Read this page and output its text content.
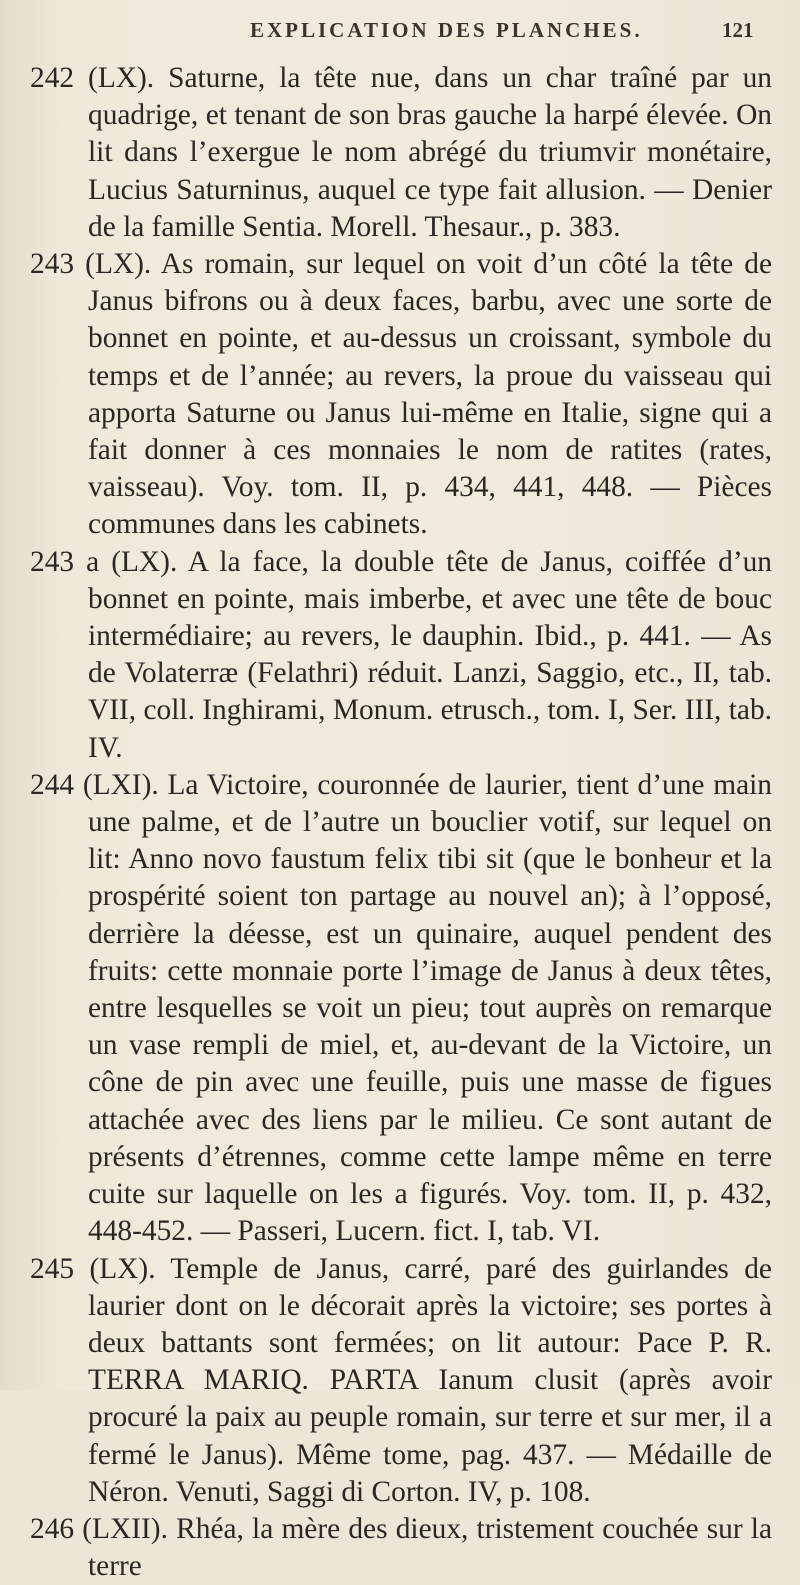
EXPLICATION DES PLANCHES.	121

242 (LX). Saturne, la tête nue, dans un char traîné par un quadrige, et tenant de son bras gauche la harpé élevée. On lit dans l’exergue le nom abrégé du triumvir monétaire, Lucius Saturninus, auquel ce type fait allusion. — Denier de la famille Sentia. Morell. Thesaur., p. 383.

243 (LX). As romain, sur lequel on voit d’un côté la tête de Janus bifrons ou à deux faces, barbu, avec une sorte de bonnet en pointe, et au-dessus un croissant, symbole du temps et de l’année; au revers, la proue du vaisseau qui apporta Saturne ou Janus lui-même en Italie, signe qui a fait donner à ces monnaies le nom de ratites (rates, vaisseau). Voy. tom. II, p. 434, 441, 448. — Pièces communes dans les cabinets.

243 a (LX). A la face, la double tête de Janus, coiffée d’un bonnet en pointe, mais imberbe, et avec une tête de bouc intermédiaire; au revers, le dauphin. Ibid., p. 441. — As de Volaterræ (Felathri) réduit. Lanzi, Saggio, etc., II, tab. VII, coll. Inghirami, Monum. etrusch., tom. I, Ser. III, tab. IV.

244 (LXI). La Victoire, couronnée de laurier, tient d’une main une palme, et de l’autre un bouclier votif, sur lequel on lit: Anno novo faustum felix tibi sit (que le bonheur et la prospérité soient ton partage au nouvel an); à l’opposé, derrière la déesse, est un quinaire, auquel pendent des fruits: cette monnaie porte l’image de Janus à deux têtes, entre lesquelles se voit un pieu; tout auprès on remarque un vase rempli de miel, et, au-devant de la Victoire, un cône de pin avec une feuille, puis une masse de figues attachée avec des liens par le milieu. Ce sont autant de présents d’étrennes, comme cette lampe même en terre cuite sur laquelle on les a figurés. Voy. tom. II, p. 432, 448-452. — Passeri, Lucern. fict. I, tab. VI.

245 (LX). Temple de Janus, carré, paré des guirlandes de laurier dont on le décorait après la victoire; ses portes à deux battants sont fermées; on lit autour: Pace P. R. TERRA MARIQ. PARTA Ianum clusit (après avoir procuré la paix au peuple romain, sur terre et sur mer, il a fermé le Janus). Même tome, pag. 437. — Médaille de Néron. Venuti, Saggi di Corton. IV, p. 108.

246 (LXII). Rhéa, la mère des dieux, tristement couchée sur la terre
